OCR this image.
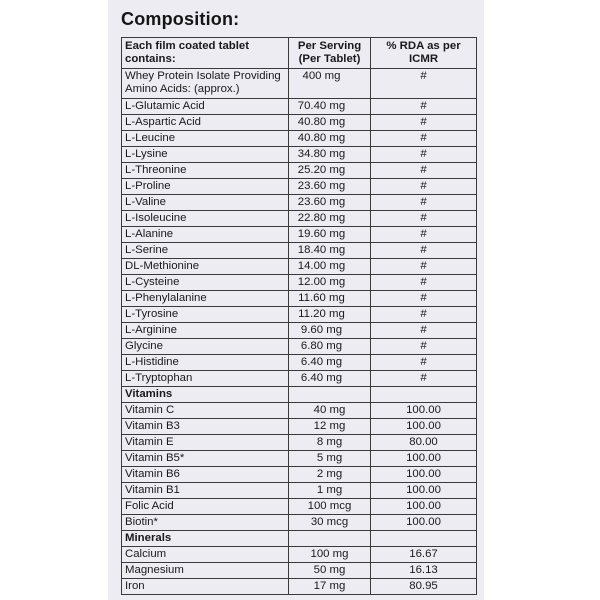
Composition:
Each film coated tablet contains:	Per Serving (Per Tablet)	% RDA as per ICMR
Whey Protein Isolate Providing Amino Acids: (approx.)	400 mg	#
L-Glutamic Acid	70.40 mg	#
L-Aspartic Acid	40.80 mg	#
L-Leucine	40.80 mg	#
L-Lysine	34.80 mg	#
L-Threonine	25.20 mg	#
L-Proline	23.60 mg	#
L-Valine	23.60 mg	#
L-Isoleucine	22.80 mg	#
L-Alanine	19.60 mg	#
L-Serine	18.40 mg	#
DL-Methionine	14.00 mg	#
L-Cysteine	12.00 mg	#
L-Phenylalanine	11.60 mg	#
L-Tyrosine	11.20 mg	#
L-Arginine	9.60 mg	#
Glycine	6.80 mg	#
L-Histidine	6.40 mg	#
L-Tryptophan	6.40 mg	#
Vitamins		
Vitamin C	40 mg	100.00
Vitamin B3	12 mg	100.00
Vitamin E	8 mg	80.00
Vitamin B5*	5 mg	100.00
Vitamin B6	2 mg	100.00
Vitamin B1	1 mg	100.00
Folic Acid	100 mcg	100.00
Biotin*	30 mcg	100.00
Minerals		
Calcium	100 mg	16.67
Magnesium	50 mg	16.13
Iron	17 mg	80.95
